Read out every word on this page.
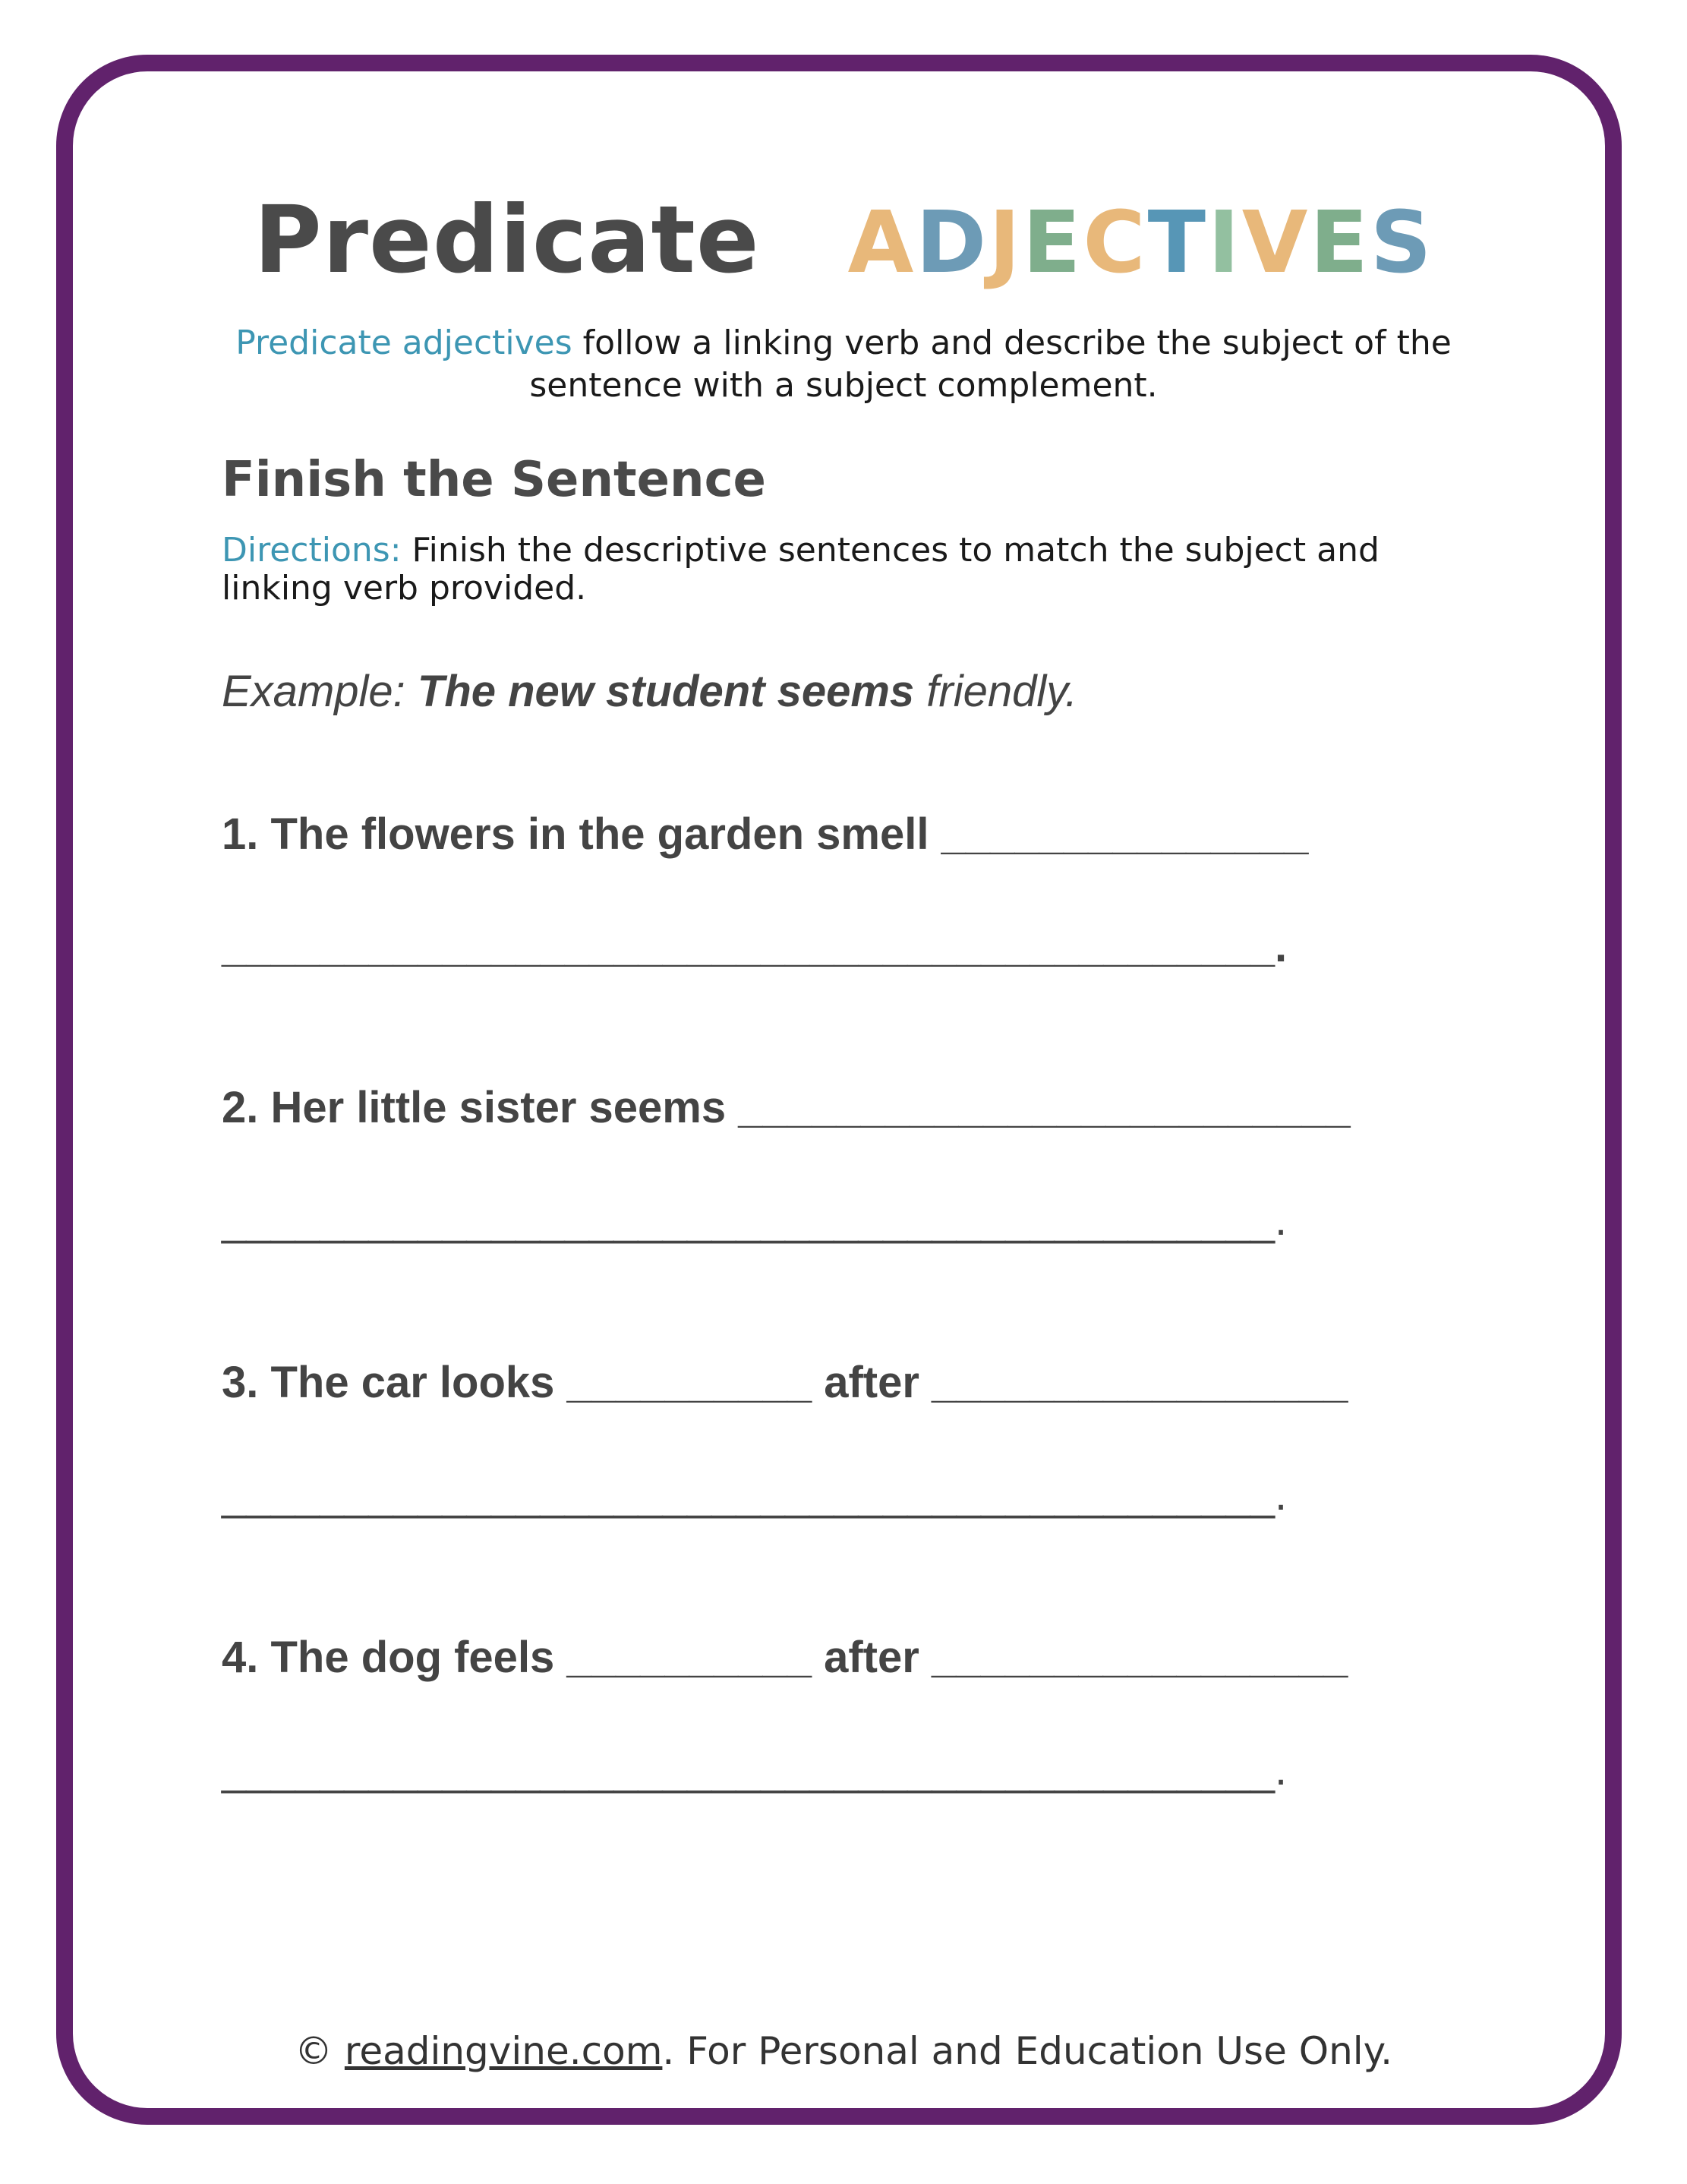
Predicate ADJECTIVES
Predicate adjectives follow a linking verb and describe the subject of the sentence with a subject complement.
Finish the Sentence
Directions: Finish the descriptive sentences to match the subject and linking verb provided.
Example: The new student seems friendly.
1. The flowers in the garden smell _______________
___________________________________________.
2. Her little sister seems _________________________
___________________________________________.
3. The car looks __________ after _________________
___________________________________________.
4. The dog feels __________ after _________________
___________________________________________.
© readingvine.com. For Personal and Education Use Only.
